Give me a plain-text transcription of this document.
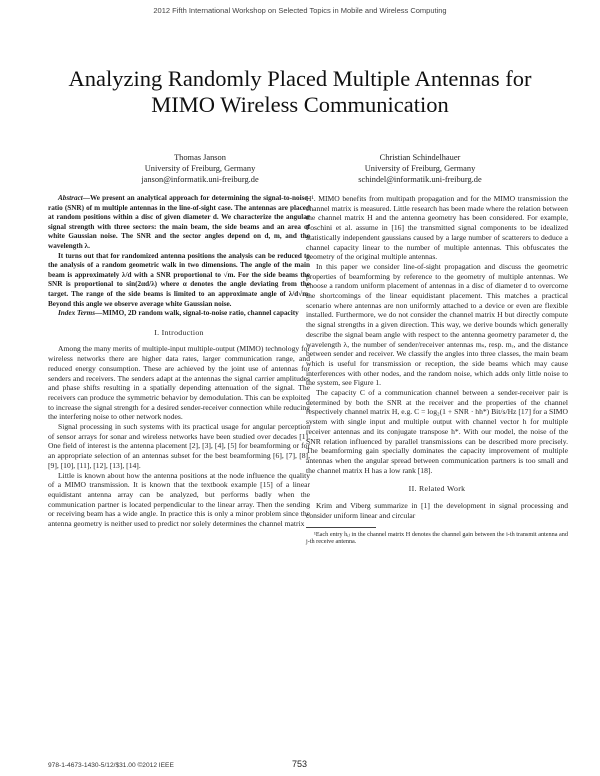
2012 Fifth International Workshop on Selected Topics in Mobile and Wireless Computing
Analyzing Randomly Placed Multiple Antennas for MIMO Wireless Communication
Thomas Janson
University of Freiburg, Germany
janson@informatik.uni-freiburg.de
Christian Schindelhauer
University of Freiburg, Germany
schindel@informatik.uni-freiburg.de

Abstract—We present an analytical approach for determining the signal-to-noise-ratio (SNR) of m multiple antennas in the line-of-sight case. The antennas are placed at random positions within a disc of given diameter d. We characterize the angular signal strength with three sectors: the main beam, the side beams and an area of white Gaussian noise. The SNR and the sector angles depend on d, m, and the wavelength λ.

It turns out that for randomized antenna positions the analysis can be reduced to the analysis of a random geometric walk in two dimensions. The angle of the main beam is approximately λ/d with a SNR proportional to √m. For the side beams the SNR is proportional to sin(2αd/λ) where α denotes the angle deviating from the target. The range of the side beams is limited to an approximate angle of λ/d√m. Beyond this angle we observe average white Gaussian noise.

Index Terms—MIMO, 2D random walk, signal-to-noise ratio, channel capacity

I. Introduction

Among the many merits of multiple-input multiple-output (MIMO) technology for wireless networks there are higher data rates, larger communication range, and reduced energy consumption. These are achieved by the joint use of antennas for senders and receivers. The senders adapt at the antennas the signal carrier amplitudes and phase shifts resulting in a spatially depending attenuation of the signal. The receivers can produce the symmetric behavior by demodulation. This can be exploited to increase the signal strength for a desired sender-receiver connection while reducing the interfering noise to other network nodes.

Signal processing in such systems with its practical usage for angular perception of sensor arrays for sonar and wireless networks have been studied over decades [1]. One field of interest is the antenna placement [2], [3], [4], [5] for beamforming or for an appropriate selection of an antennas subset for the best beamforming [6], [7], [8], [9], [10], [11], [12], [13], [14].

Little is known about how the antenna positions at the node influence the quality of a MIMO transmission. It is known that the textbook example [15] of a linear equidistant antenna array can be analyzed, but performs badly when the communication partner is located perpendicular to the linear array. Then the sending or receiving beam has a wide angle. In practice this is only a minor problem since the antenna geometry is neither used to predict nor solely determines the channel matrix

H¹. MIMO benefits from multipath propagation and for the MIMO transmission the channel matrix is measured. Little research has been made where the relation between the channel matrix H and the antenna geometry has been considered. For example, Foschini et al. assume in [16] the transmitted signal components to be idealized statistically independent gaussians caused by a large number of scatterers to deduce a channel capacity linear to the number of multiple antennas. This obfuscates the geometry of the original multiple antennas.

In this paper we consider line-of-sight propagation and discuss the geometric properties of beamforming by reference to the geometry of multiple antennas. We choose a random uniform placement of antennas in a disc of diameter d to overcome the shortcomings of the linear equidistant placement. This matches a practical scenario where antennas are non uniformly attached to a device or even are flexible installed. Furthermore, we do not consider the channel matrix H but directly compute the signal strengths in a given direction. This way, we derive bounds which generally describe the signal beam angle with respect to the antenna geometry parameter d, the wavelength λ, the number of sender/receiver antennas mₛ, resp. mᵣ, and the distance between sender and receiver. We classify the angles into three classes, the main beam which is useful for transmission or reception, the side beams which may cause interferences with other nodes, and the random noise, which adds only little noise to the system, see Figure 1.

The capacity C of a communication channel between a sender-receiver pair is determined by both the SNR at the receiver and the properties of the channel respectively channel matrix H, e.g. C = log₂(1 + SNR · hh*) Bit/s/Hz [17] for a SIMO system with single input and multiple output with channel vector h for multiple receiver antennas and its conjugate transpose h*. With our model, the noise of the SNR relation influenced by parallel transmissions can be described more precisely. The beamforming gain specially dominates the capacity improvement of multiple antennas when the angular spread between communication partners is too small and the channel matrix H has a low rank [18].

II. Related Work

Krim and Viberg summarize in [1] the development in signal processing and consider uniform linear and circular

¹Each entry hᵢⱼ in the channel matrix H denotes the channel gain between the i-th transmit antenna and j-th receive antenna.

978-1-4673-1430-5/12/$31.00 ©2012 IEEE	753
